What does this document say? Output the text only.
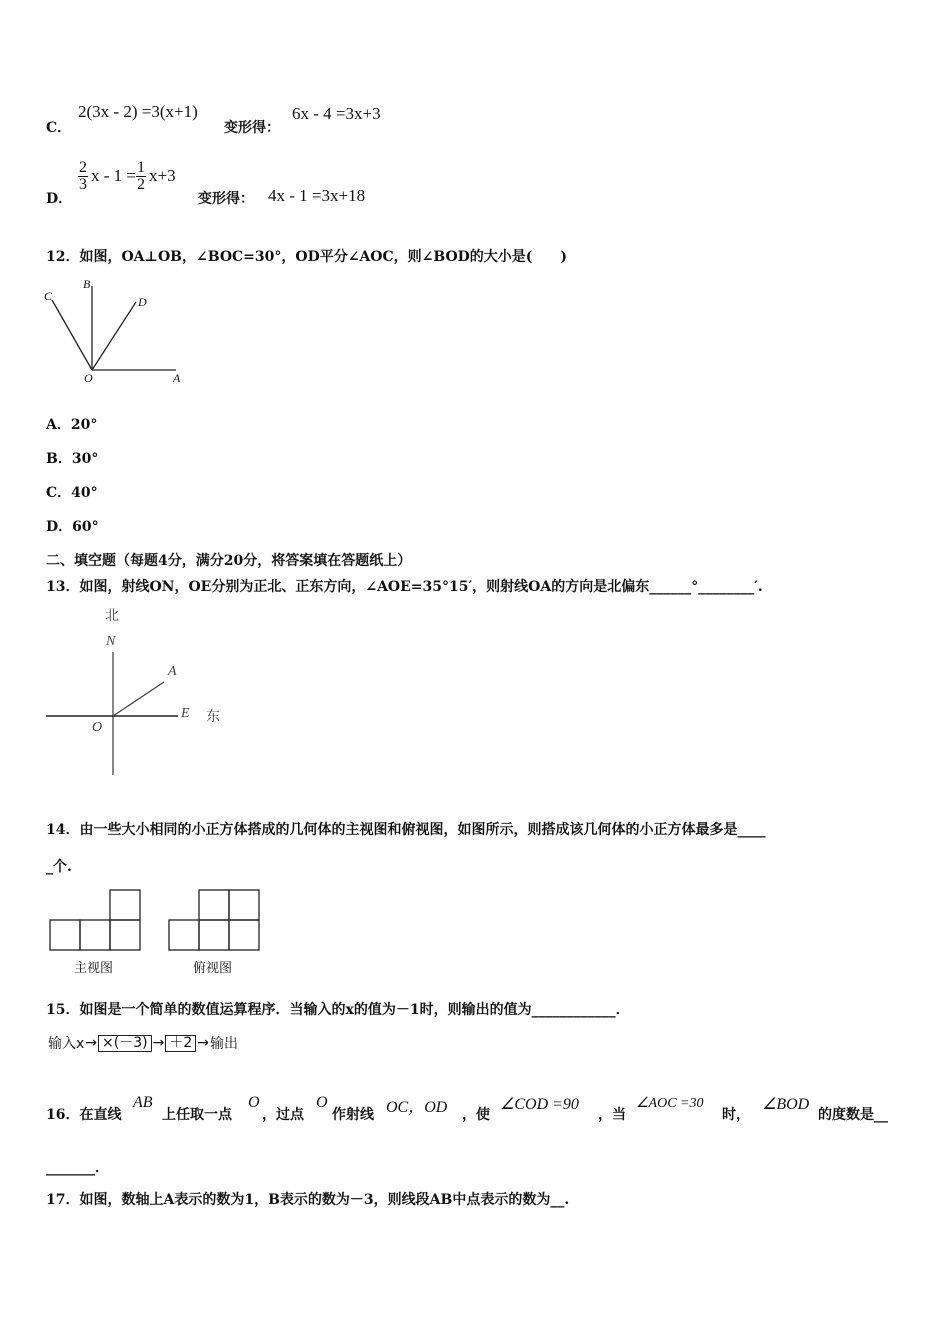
C．
2(3x - 2) =3(x+1)
变形得：
6x - 4 =3x+3
D．
$\frac{2}{3}$ $x - 1 = \frac{1}{2} x+3$
变形得： 4x - 1 =3x+18
12．如图，OA⊥OB，∠BOC=30°，OD平分∠AOC，则∠BOD的大小是(　　)
C
B
D
O	A
A．20°
B．30°
C．40°
D．60°
二、填空题（每题4分，满分20分，将答案填在答题纸上）
13．如图，射线ON，OE分别为正北、正东方向，∠AOE=35°15′，则射线OA的方向是北偏东______°________′.
北
N
A
O
E 东
14．由一些大小相同的小正方体搭成的几何体的主视图和俯视图，如图所示，则搭成该几何体的小正方体最多是____
_个.
主视图	俯视图
15．如图是一个简单的数值运算程序．当输入的x的值为－1时，则输出的值为____________．
输入x → ×(－3) → ＋2 → 输出
16．在直线
AB
上任取一点
O
，过点
O
作射线 OC，OD ，使
∠COD =90
，当
∠AOC =30
时，
∠BOD
的度数是__
_______．
17．如图，数轴上A表示的数为1，B表示的数为－3，则线段AB中点表示的数为__.
